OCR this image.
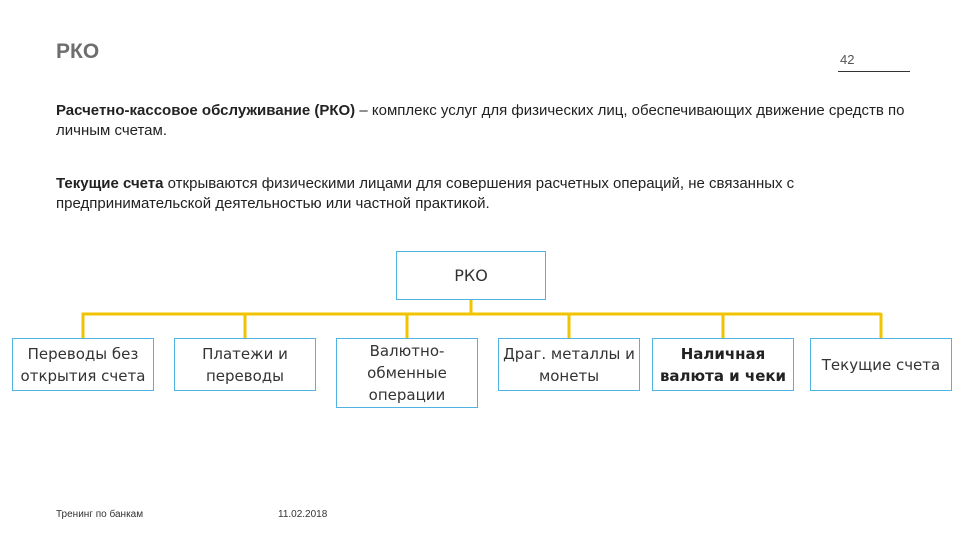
РКО	42

Расчетно-кассовое обслуживание (РКО) – комплекс услуг для физических лиц, обеспечивающих движение средств по личным счетам.

Текущие счета открываются физическими лицами для совершения расчетных операций, не связанных с предпринимательской деятельностью или частной практикой.

РКО
Переводы без открытия счета
Платежи и переводы
Валютно-обменные операции
Драг. металлы и монеты
Наличная валюта и чеки
Текущие счета
Тренинг по банкам	11.02.2018
